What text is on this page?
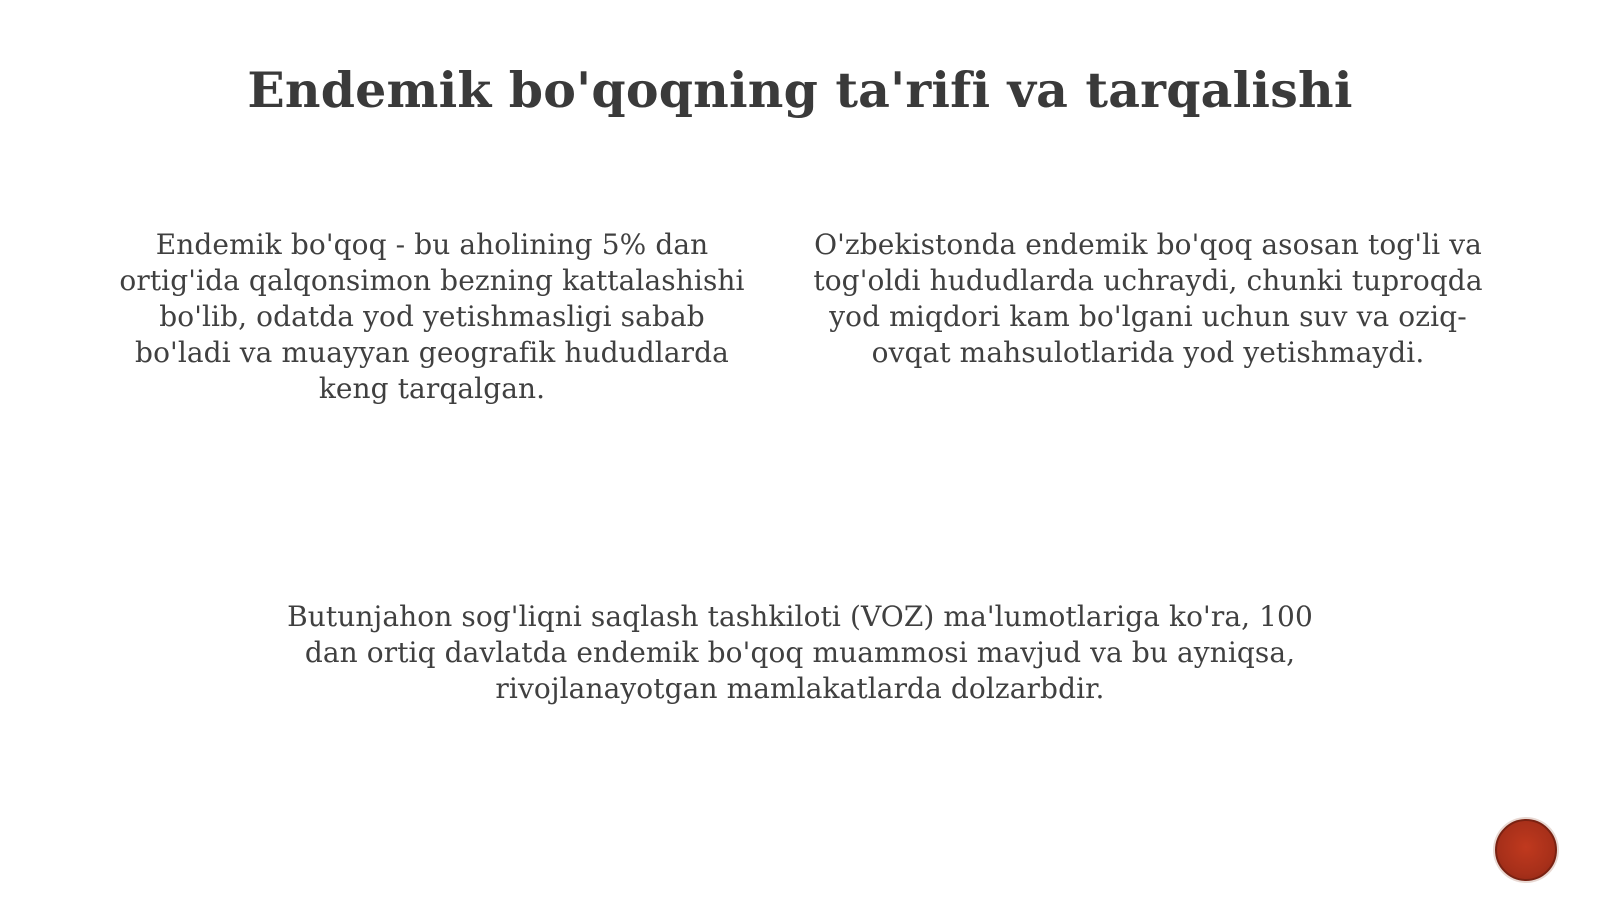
Endemik bo'qoqning ta'rifi va tarqalishi

Endemik bo'qoq - bu aholining 5% dan ortig'ida qalqonsimon bezning kattalashishi bo'lib, odatda yod yetishmasligi sabab bo'ladi va muayyan geografik hududlarda keng tarqalgan.

O'zbekistonda endemik bo'qoq asosan tog'li va tog'oldi hududlarda uchraydi, chunki tuproqda yod miqdori kam bo'lgani uchun suv va oziq-ovqat mahsulotlarida yod yetishmaydi.

Butunjahon sog'liqni saqlash tashkiloti (VOZ) ma'lumotlariga ko'ra, 100 dan ortiq davlatda endemik bo'qoq muammosi mavjud va bu ayniqsa, rivojlanayotgan mamlakatlarda dolzarbdir.
